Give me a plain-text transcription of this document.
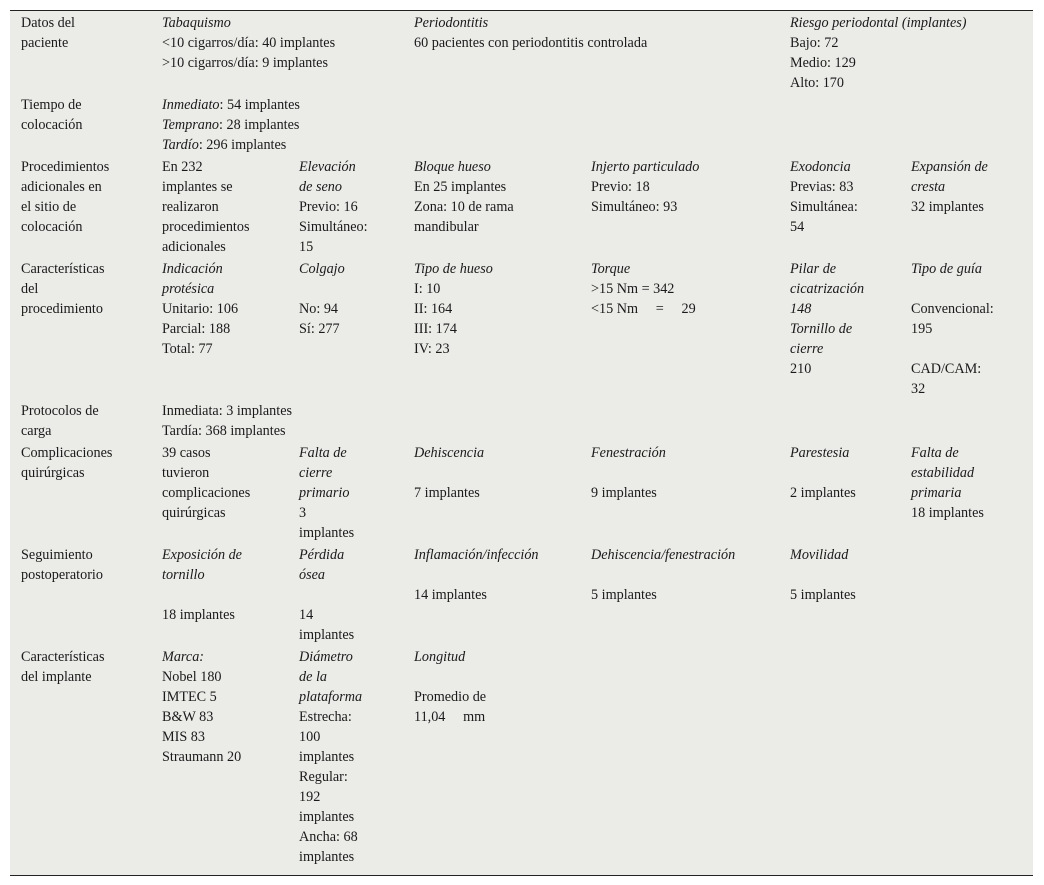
Datos del
paciente
Tabaquismo
<10 cigarros/día: 40 implantes
>10 cigarros/día: 9 implantes
Periodontitis
60 pacientes con periodontitis controlada
Riesgo periodontal (implantes)
Bajo: 72
Medio: 129
Alto: 170
Tiempo de
colocación
Inmediato: 54 implantes
Temprano: 28 implantes
Tardío: 296 implantes
Procedimientos
adicionales en
el sitio de
colocación
En 232
implantes se
realizaron
procedimientos
adicionales
Elevación
de seno
Previo: 16
Simultáneo:
15
Bloque hueso
En 25 implantes
Zona: 10 de rama
mandibular
Injerto particulado
Previo: 18
Simultáneo: 93
Exodoncia
Previas: 83
Simultánea:
54
Expansión de
cresta
32 implantes
Características
del
procedimiento
Indicación
protésica
Unitario: 106
Parcial: 188
Total: 77
Colgajo
No: 94
Sí: 277
Tipo de hueso
I: 10
II: 164
III: 174
IV: 23
Torque
>15 Nm = 342
<15 Nm  =  29
Pilar de
cicatrización
148
Tornillo de
cierre
210
Tipo de guía
Convencional:
195
CAD/CAM:
32
Protocolos de
carga
Inmediata: 3 implantes
Tardía: 368 implantes
Complicaciones
quirúrgicas
39 casos
tuvieron
complicaciones
quirúrgicas
Falta de
cierre
primario
3
implantes
Dehiscencia
7 implantes
Fenestración
9 implantes
Parestesia
2 implantes
Falta de
estabilidad
primaria
18 implantes
Seguimiento
postoperatorio
Exposición de
tornillo
18 implantes
Pérdida
ósea
14
implantes
Inflamación/infección
14 implantes
Dehiscencia/fenestración
5 implantes
Movilidad
5 implantes
Características
del implante
Marca:
Nobel 180
IMTEC 5
B&W 83
MIS 83
Straumann 20
Diámetro
de la
plataforma
Estrecha:
100
implantes
Regular:
192
implantes
Ancha: 68
implantes
Longitud
Promedio de
11,04  mm
